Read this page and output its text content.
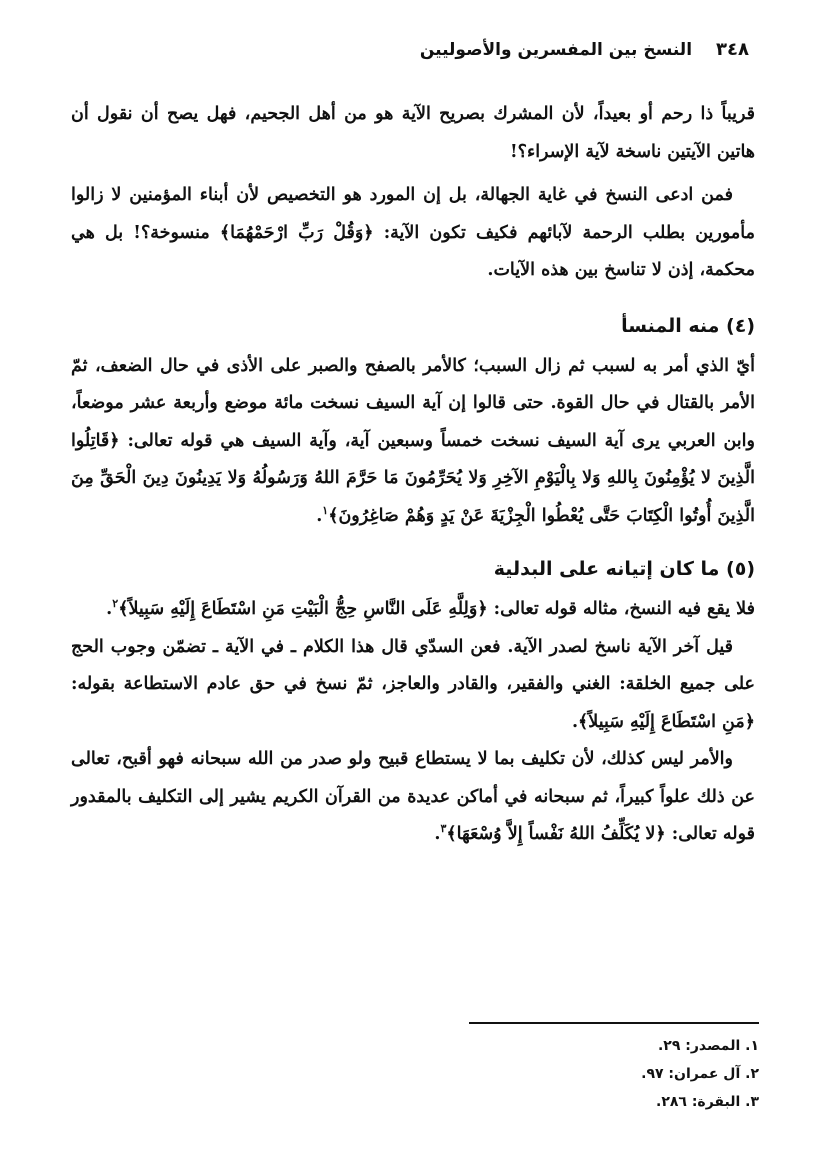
٣٤٨النسخ بين المفسرين والأصوليين

قريباً ذا رحم أو بعيداً، لأن المشرك بصريح الآية هو من أهل الجحيم، فهل يصح أن نقول أن هاتين الآيتين ناسخة لآية الإسراء؟!

فمن ادعى النسخ في غاية الجهالة، بل إن المورد هو التخصيص لأن أبناء المؤمنين لا زالوا مأمورين بطلب الرحمة لآبائهم فكيف تكون الآية: ﴿وَقُلْ رَبِّ ارْحَمْهُمَا﴾ منسوخة؟! بل هي محكمة، إذن لا تناسخ بين هذه الآيات.

(٤) منه المنسأ

أيّ الذي أمر به لسبب ثم زال السبب؛ كالأمر بالصفح والصبر على الأذى في حال الضعف، ثمّ الأمر بالقتال في حال القوة. حتى قالوا إن آية السيف نسخت مائة موضع وأربعة عشر موضعاً، وابن العربي يرى آية السيف نسخت خمساً وسبعين آية، وآية السيف هي قوله تعالى: ﴿قَاتِلُوا الَّذِينَ لا يُؤْمِنُونَ بِاللهِ وَلا بِالْيَوْمِ الآخِرِ وَلا يُحَرِّمُونَ مَا حَرَّمَ اللهُ وَرَسُولُهُ وَلا يَدِينُونَ دِينَ الْحَقِّ مِنَ الَّذِينَ أُوتُوا الْكِتَابَ حَتَّى يُعْطُوا الْجِزْيَةَ عَنْ يَدٍ وَهُمْ صَاغِرُونَ﴾$^١$.

(٥) ما كان إتيانه على البدلية

فلا يقع فيه النسخ، مثاله قوله تعالى: ﴿وَلِلَّهِ عَلَى النَّاسِ حِجُّ الْبَيْتِ مَنِ اسْتَطَاعَ إِلَيْهِ سَبِيلاً﴾$^٢$.

قيل آخر الآية ناسخ لصدر الآية. فعن السدّي قال هذا الكلام ـ في الآية ـ تضمّن وجوب الحج على جميع الخلقة: الغني والفقير، والقادر والعاجز، ثمّ نسخ في حق عادم الاستطاعة بقوله: ﴿مَنِ اسْتَطَاعَ إِلَيْهِ سَبِيلاً﴾.

والأمر ليس كذلك، لأن تكليف بما لا يستطاع قبيح ولو صدر من الله سبحانه فهو أقبح، تعالى عن ذلك علواً كبيراً، ثم سبحانه في أماكن عديدة من القرآن الكريم يشير إلى التكليف بالمقدور قوله تعالى: ﴿لا يُكَلِّفُ اللهُ نَفْساً إِلاَّ وُسْعَهَا﴾$^٣$.

١. المصدر: ٢٩.
٢. آل عمران: ٩٧.
٣. البقرة: ٢٨٦.
